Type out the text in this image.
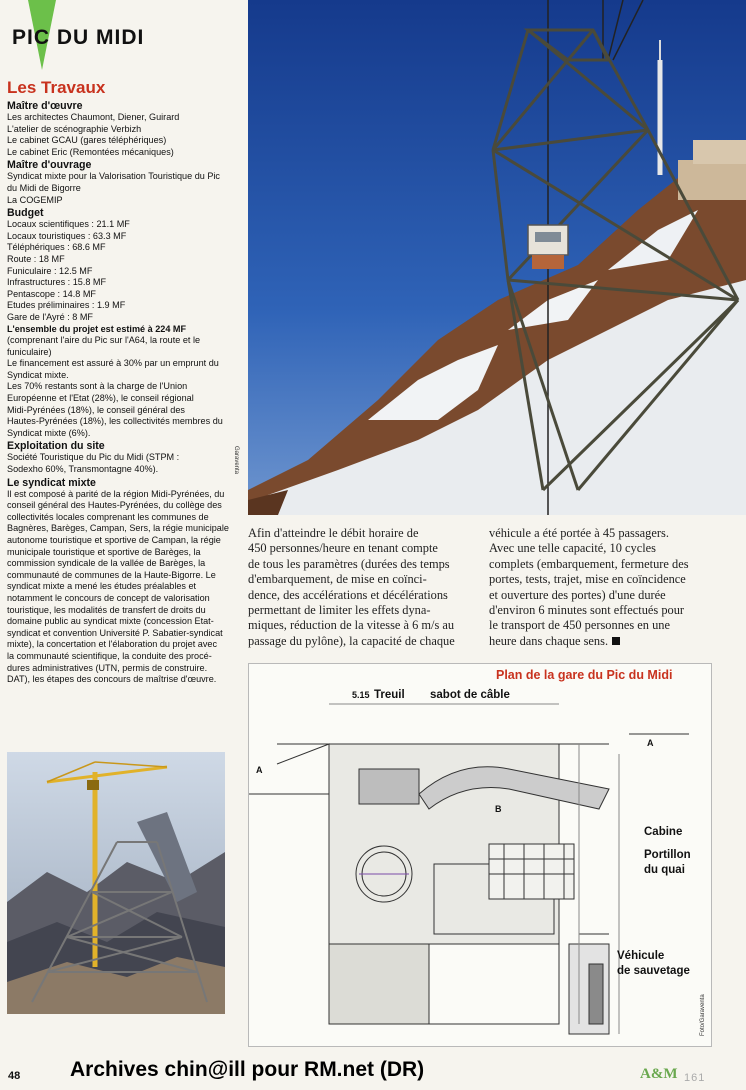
PIC DU MIDI
Les Travaux
Maître d'œuvre
Les architectes Chaumont, Diener, Guirard
L'atelier de scénographie Verbizh
Le cabinet GCAU (gares téléphériques)
Le cabinet Eric (Remontées mécaniques)
Maître d'ouvrage
Syndicat mixte pour la Valorisation Touristique du Pic
du Midi de Bigorre
La COGEMIP
Budget
Locaux scientifiques : 21.1 MF
Locaux touristiques : 63.3 MF
Téléphériques : 68.6 MF
Route : 18 MF
Funiculaire : 12.5 MF
Infrastructures : 15.8 MF
Pentascope : 14.8 MF
Etudes préliminaires : 1.9 MF
Gare de l'Ayré : 8 MF
L'ensemble du projet est estimé à 224 MF
(comprenant l'aire du Pic sur l'A64, la route et le
funiculaire)
Le financement est assuré à 30% par un emprunt du
Syndicat mixte.
Les 70% restants sont à la charge de l'Union
Européenne et l'Etat (28%), le conseil régional
Midi-Pyrénées (18%), le conseil général des
Hautes-Pyrénées (18%), les collectivités membres du
Syndicat mixte (6%).
Exploitation du site
Société Touristique du Pic du Midi (STPM :
Sodexho 60%, Transmontagne 40%).
Le syndicat mixte
Il est composé à parité de la région Midi-Pyrénées, du
conseil général des Hautes-Pyrénées, du collège des
collectivités locales comprenant les communes de
Bagnères, Barèges, Campan, Sers, la régie municipale
autonome touristique et sportive de Campan, la régie
municipale touristique et sportive de Barèges, la
commission syndicale de la vallée de Barèges, la
communauté de communes de la Haute-Bigorre. Le
syndicat mixte a mené les études préalables et
notamment le concours de concept de valorisation
touristique, les modalités de transfert de droits du
domaine public au syndicat mixte (concession Etat-
syndicat et convention Université P. Sabatier-syndicat
mixte), la concertation et l'élaboration du projet avec
la communauté scientifique, la conduite des procé-
dures administratives (UTN, permis de construire.
DAT), les étapes des concours de maîtrise d'œuvre.
Garaventa
Afin d'atteindre le débit horaire de
450 personnes/heure en tenant compte
de tous les paramètres (durées des temps
d'embarquement, de mise en coïnci-
dence, des accélérations et décélérations
permettant de limiter les effets dyna-
miques, réduction de la vitesse à 6 m/s au
passage du pylône), la capacité de chaque
véhicule a été portée à 45 passagers.
Avec une telle capacité, 10 cycles
complets (embarquement, fermeture des
portes, tests, trajet, mise en coïncidence
et ouverture des portes) d'une durée
d'environ 6 minutes sont effectués pour
le transport de 450 personnes en une
heure dans chaque sens.
Plan de la gare du Pic du Midi
5.15 Treuil sabot de câble
Cabine
Portillon
du quai
Véhicule
de sauvetage
A
A
B
Foto/Garaventa
48 Archives chin@ill pour RM.net (DR)	A&M 161
